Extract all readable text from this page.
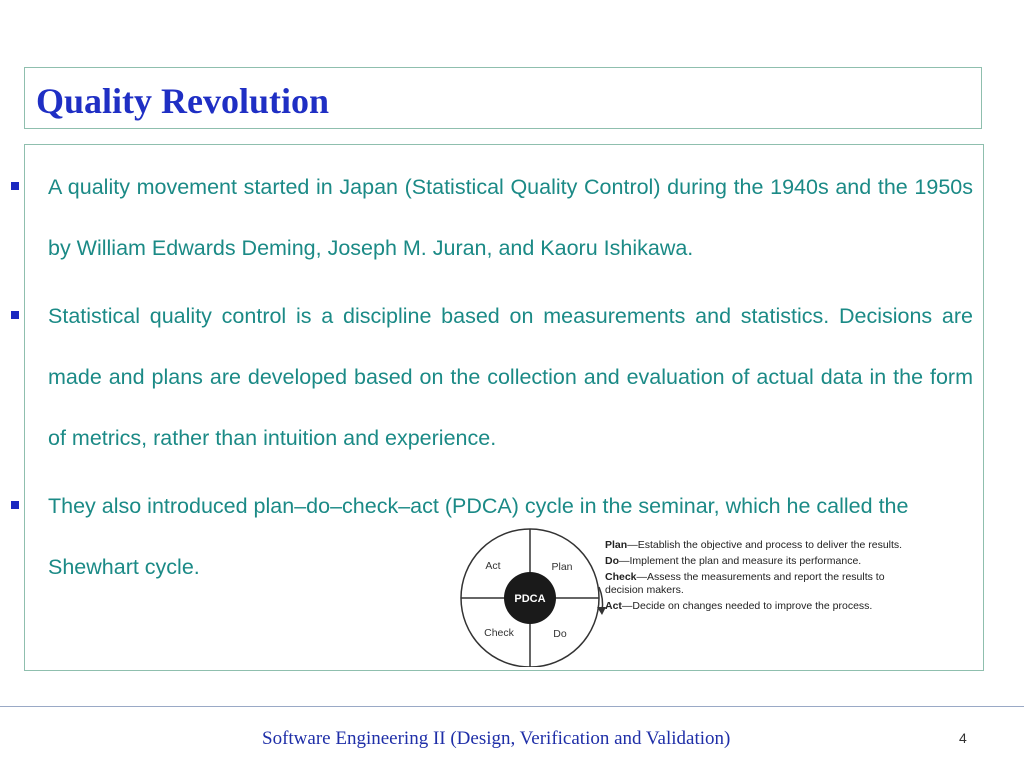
Quality Revolution

A quality movement started in Japan (Statistical Quality Control) during the 1940s and the 1950s by William Edwards Deming, Joseph M. Juran, and Kaoru Ishikawa.

Statistical quality control is a discipline based on measurements and statistics. Decisions are made and plans are developed based on the collection and evaluation of actual data in the form of metrics, rather than intuition and experience.

They also introduced plan–do–check–act (PDCA) cycle in the seminar, which he called the Shewhart cycle.

PDCA
Act	Plan
Check	Do
Plan—Establish the objective and process to deliver the results.
Do—Implement the plan and measure its performance.
Check—Assess the measurements and report the results to decision makers.
Act—Decide on changes needed to improve the process.
Software Engineering II (Design, Verification and Validation)	4
